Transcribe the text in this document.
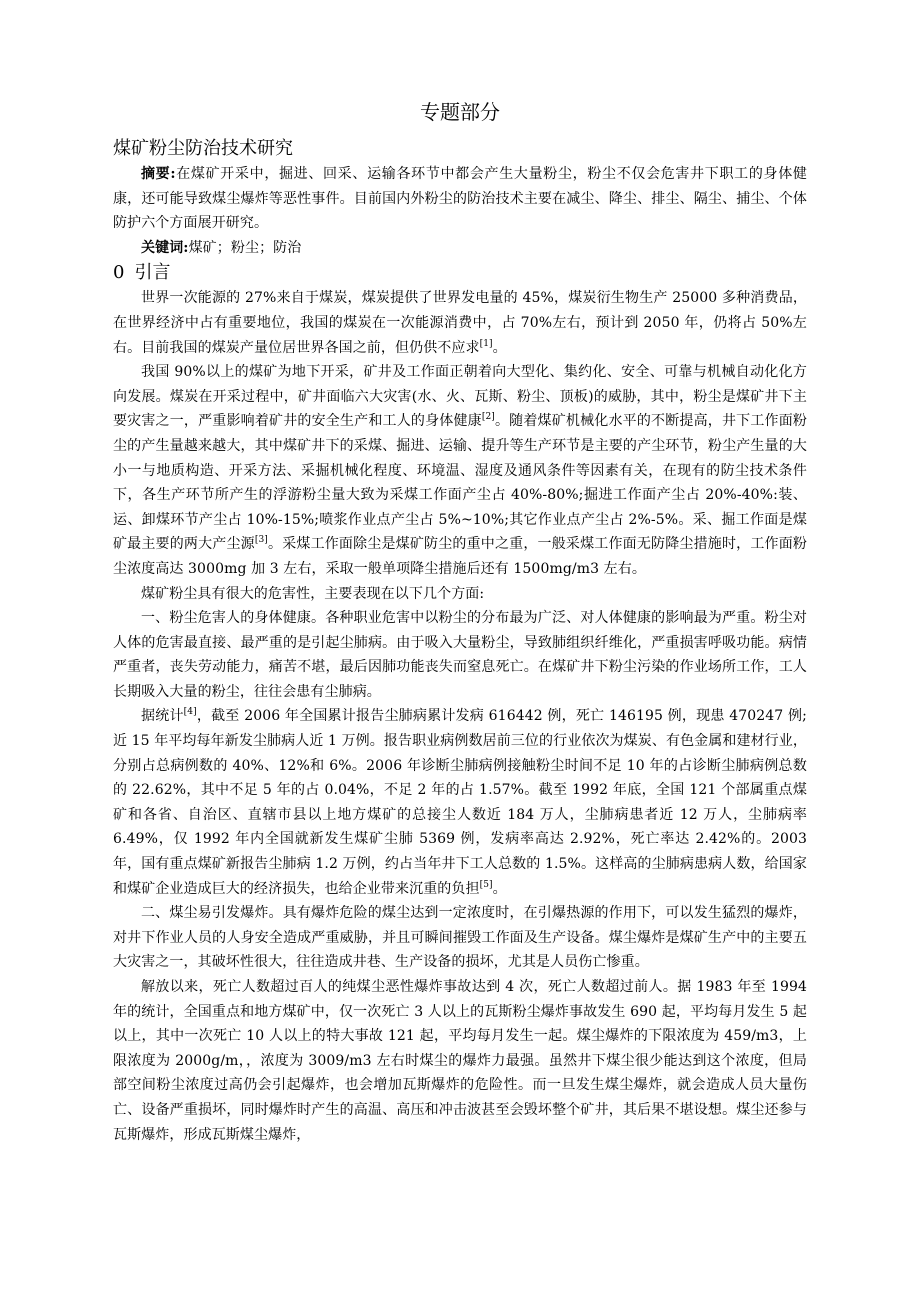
专题部分
煤矿粉尘防治技术研究

摘要:在煤矿开采中，掘进、回采、运输各环节中都会产生大量粉尘，粉尘不仅会危害井下职工的身体健康，还可能导致煤尘爆炸等恶性事件。目前国内外粉尘的防治技术主要在减尘、降尘、排尘、隔尘、捕尘、个体防护六个方面展开研究。

关键词:煤矿；粉尘；防治

0 引言

世界一次能源的 27%来自于煤炭，煤炭提供了世界发电量的 45%，煤炭衍生物生产 25000 多种消费品，在世界经济中占有重要地位，我国的煤炭在一次能源消费中，占 70%左右，预计到 2050 年，仍将占 50%左右。目前我国的煤炭产量位居世界各国之前，但仍供不应求[1]。

我国 90%以上的煤矿为地下开采，矿井及工作面正朝着向大型化、集约化、安全、可靠与机械自动化化方向发展。煤炭在开采过程中，矿井面临六大灾害(水、火、瓦斯、粉尘、顶板)的威胁，其中，粉尘是煤矿井下主要灾害之一，严重影响着矿井的安全生产和工人的身体健康[2]。随着煤矿机械化水平的不断提高，井下工作面粉尘的产生量越来越大，其中煤矿井下的采煤、掘进、运输、提升等生产环节是主要的产尘环节，粉尘产生量的大小一与地质构造、开采方法、采掘机械化程度、环境温、湿度及通风条件等因素有关，在现有的防尘技术条件下，各生产环节所产生的浮游粉尘量大致为采煤工作面产尘占 40%-80%;掘进工作面产尘占 20%-40%:装、运、卸煤环节产尘占 10%-15%;喷浆作业点产尘占 5%~10%;其它作业点产尘占 2%-5%。采、掘工作面是煤矿最主要的两大产尘源[3]。采煤工作面除尘是煤矿防尘的重中之重，一般采煤工作面无防降尘措施时，工作面粉尘浓度高达 3000mg 加 3 左右，采取一般单项降尘措施后还有 1500mg/m3 左右。

煤矿粉尘具有很大的危害性，主要表现在以下几个方面:

一、粉尘危害人的身体健康。各种职业危害中以粉尘的分布最为广泛、对人体健康的影响最为严重。粉尘对人体的危害最直接、最严重的是引起尘肺病。由于吸入大量粉尘，导致肺组织纤维化，严重损害呼吸功能。病情严重者，丧失劳动能力，痛苦不堪，最后因肺功能丧失而窒息死亡。在煤矿井下粉尘污染的作业场所工作，工人长期吸入大量的粉尘，往往会患有尘肺病。

据统计[4]，截至 2006 年全国累计报告尘肺病累计发病 616442 例，死亡 146195 例，现患 470247 例;近 15 年平均每年新发尘肺病人近 1 万例。报告职业病例数居前三位的行业依次为煤炭、有色金属和建材行业，分别占总病例数的 40%、12%和 6%。2006 年诊断尘肺病例接触粉尘时间不足 10 年的占诊断尘肺病例总数的 22.62%，其中不足 5 年的占 0.04%，不足 2 年的占 1.57%。截至 1992 年底，全国 121 个部属重点煤矿和各省、自治区、直辖市县以上地方煤矿的总接尘人数近 184 万人，尘肺病患者近 12 万人，尘肺病率 6.49%，仅 1992 年内全国就新发生煤矿尘肺 5369 例，发病率高达 2.92%，死亡率达 2.42%的。2003 年，国有重点煤矿新报告尘肺病 1.2 万例，约占当年井下工人总数的 1.5%。这样高的尘肺病患病人数，给国家和煤矿企业造成巨大的经济损失，也给企业带来沉重的负担[5]。

二、煤尘易引发爆炸。具有爆炸危险的煤尘达到一定浓度时，在引爆热源的作用下，可以发生猛烈的爆炸，对井下作业人员的人身安全造成严重威胁，并且可瞬间摧毁工作面及生产设备。煤尘爆炸是煤矿生产中的主要五大灾害之一，其破坏性很大，往往造成井巷、生产设备的损坏，尤其是人员伤亡惨重。

解放以来，死亡人数超过百人的纯煤尘恶性爆炸事故达到 4 次，死亡人数超过前人。据 1983 年至 1994 年的统计，全国重点和地方煤矿中，仅一次死亡 3 人以上的瓦斯粉尘爆炸事故发生 690 起，平均每月发生 5 起以上，其中一次死亡 10 人以上的特大事故 121 起，平均每月发生一起。煤尘爆炸的下限浓度为 459/m3，上限浓度为 2000g/m，，浓度为 3009/m3 左右时煤尘的爆炸力最强。虽然井下煤尘很少能达到这个浓度，但局部空间粉尘浓度过高仍会引起爆炸，也会增加瓦斯爆炸的危险性。而一旦发生煤尘爆炸，就会造成人员大量伤亡、设备严重损坏，同时爆炸时产生的高温、高压和冲击波甚至会毁坏整个矿井，其后果不堪设想。煤尘还参与瓦斯爆炸，形成瓦斯煤尘爆炸，
